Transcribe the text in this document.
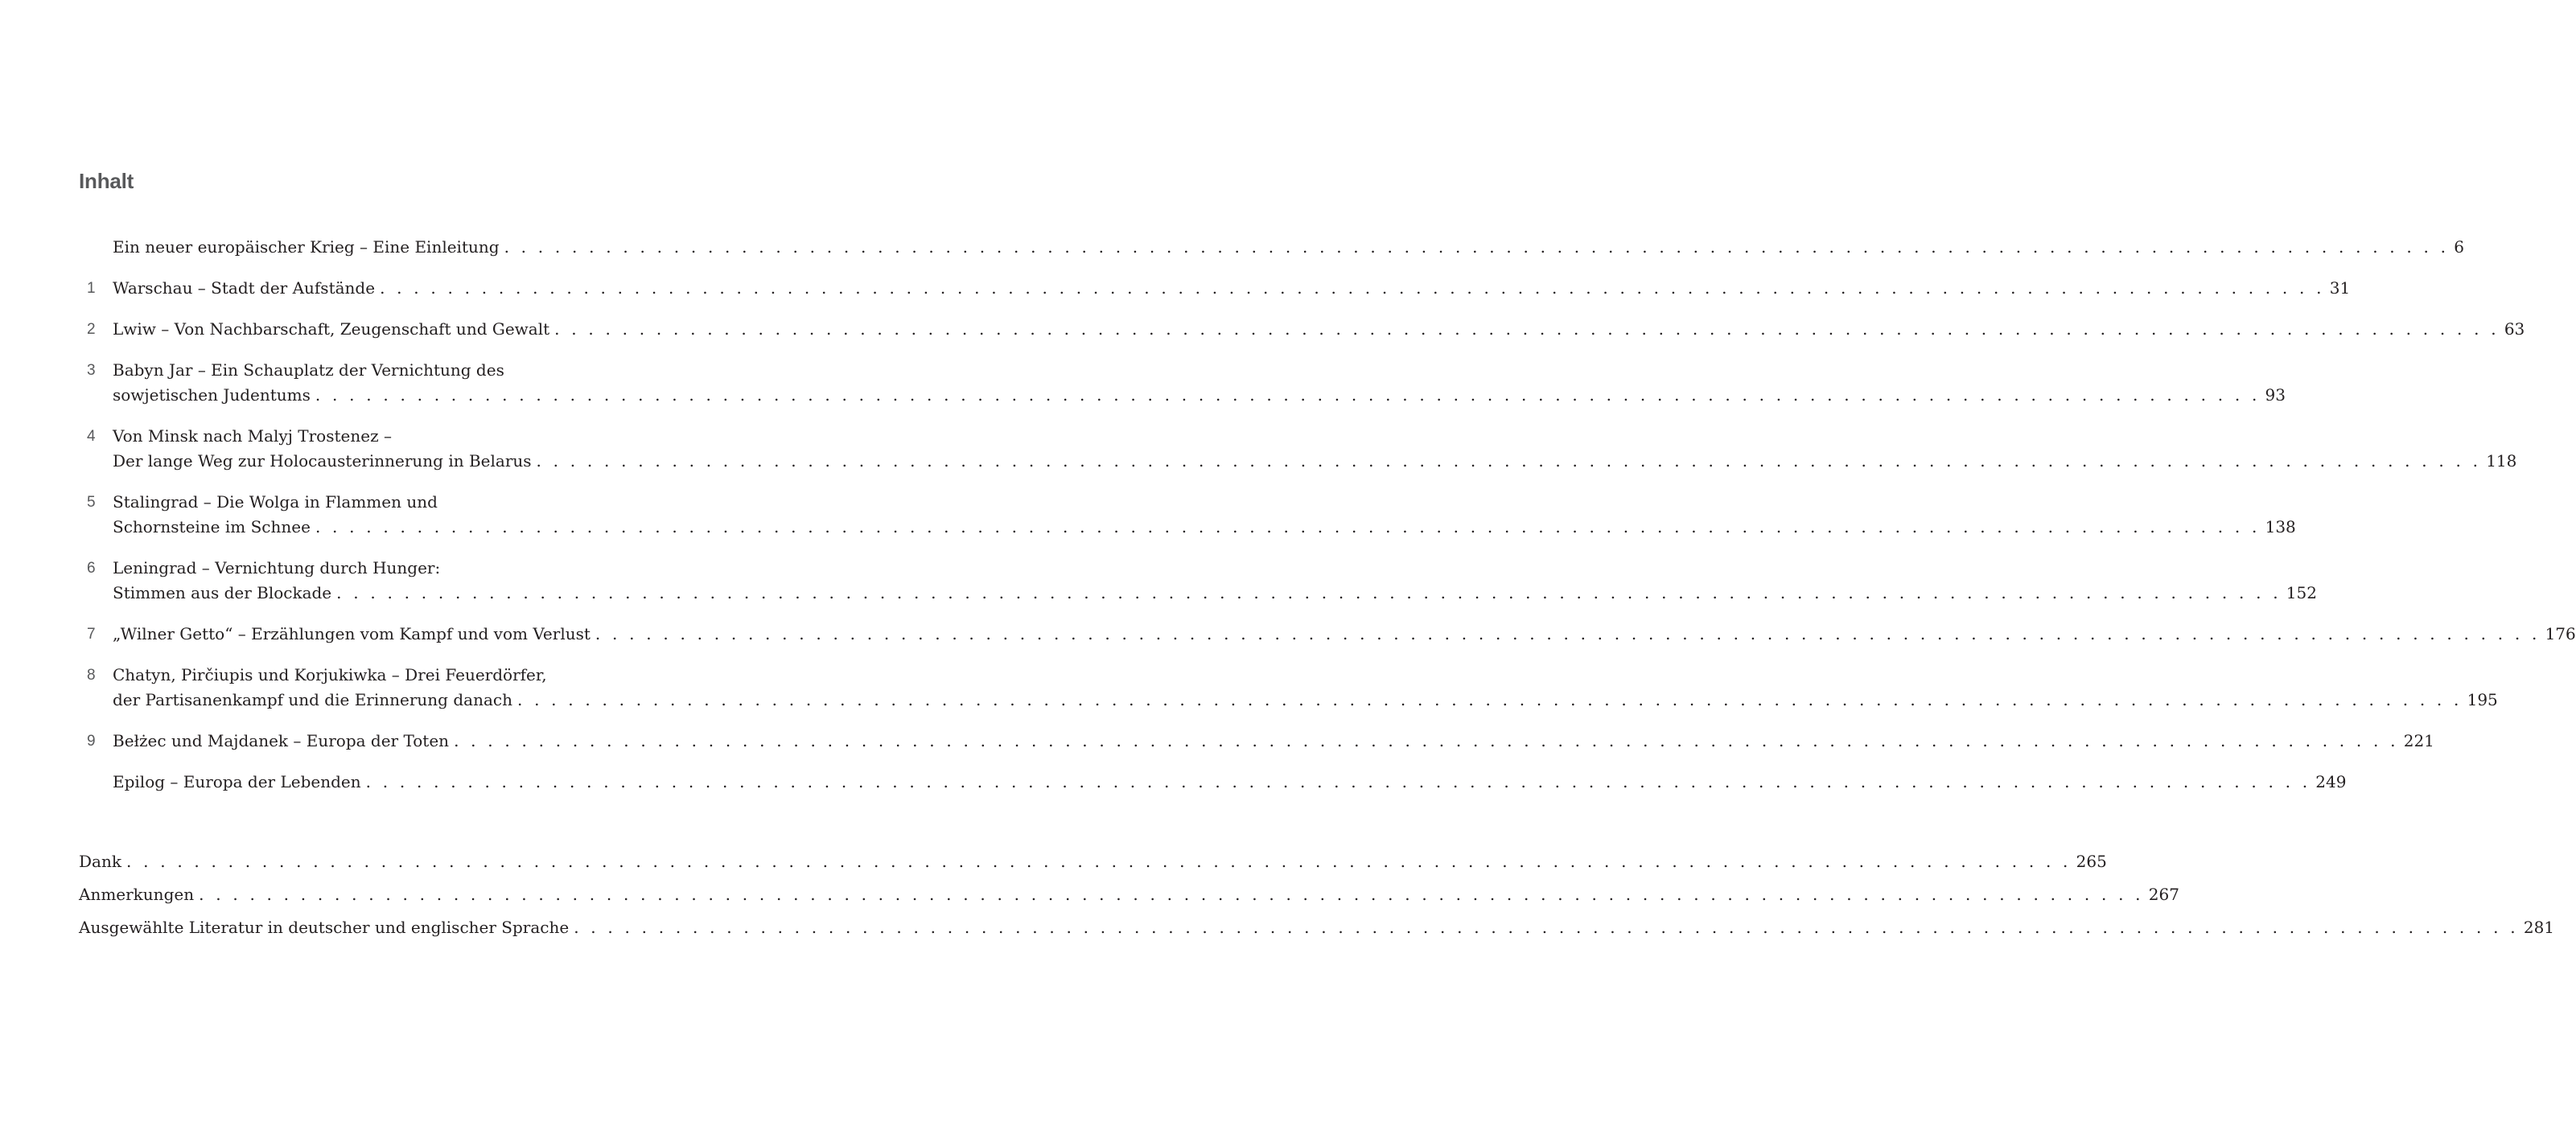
Inhalt
Ein neuer europäischer Krieg – Eine Einleitung . . . . . . . . . . . . . . . . . . . . . . . . . . . . . . . . . . . . . . . . . . . . . . . . . . . . . . . . . . . . . . . . . . . . . . . . . . . . . . . . . . . . . . . . . . . . . . . . . . . . . . . . . . . . . . . . . . . 6
1 Warschau – Stadt der Aufstände . . . . . . . . . . . . . . . . . . . . . . . . . . . . . . . . . . . . . . . . . . . . . . . . . . . . . . . . . . . . . . . . . . . . . . . . . . . . . . . . . . . . . . . . . . . . . . . . . . . . . . . . . . . . . . . . . . . 31
2 Lwiw – Von Nachbarschaft, Zeugenschaft und Gewalt . . . . . . . . . . . . . . . . . . . . . . . . . . . . . . . . . . . . . . . . . . . . . . . . . . . . . . . . . . . . . . . . . . . . . . . . . . . . . . . . . . . . . . . . . . . . . . . . . . . . . . . . . . . . . . . . . . . 63
3 Babyn Jar – Ein Schauplatz der Vernichtung des
sowjetischen Judentums . . . . . . . . . . . . . . . . . . . . . . . . . . . . . . . . . . . . . . . . . . . . . . . . . . . . . . . . . . . . . . . . . . . . . . . . . . . . . . . . . . . . . . . . . . . . . . . . . . . . . . . . . . . . . . . . . . . 93
4 Von Minsk nach Malyj Trostenez –
Der lange Weg zur Holocausterinnerung in Belarus . . . . . . . . . . . . . . . . . . . . . . . . . . . . . . . . . . . . . . . . . . . . . . . . . . . . . . . . . . . . . . . . . . . . . . . . . . . . . . . . . . . . . . . . . . . . . . . . . . . . . . . . . . . . . . . . . . . 118
5 Stalingrad – Die Wolga in Flammen und
Schornsteine im Schnee . . . . . . . . . . . . . . . . . . . . . . . . . . . . . . . . . . . . . . . . . . . . . . . . . . . . . . . . . . . . . . . . . . . . . . . . . . . . . . . . . . . . . . . . . . . . . . . . . . . . . . . . . . . . . . . . . . . 138
6 Leningrad – Vernichtung durch Hunger:
Stimmen aus der Blockade . . . . . . . . . . . . . . . . . . . . . . . . . . . . . . . . . . . . . . . . . . . . . . . . . . . . . . . . . . . . . . . . . . . . . . . . . . . . . . . . . . . . . . . . . . . . . . . . . . . . . . . . . . . . . . . . . . . 152
7 „Wilner Getto“ – Erzählungen vom Kampf und vom Verlust . . . . . . . . . . . . . . . . . . . . . . . . . . . . . . . . . . . . . . . . . . . . . . . . . . . . . . . . . . . . . . . . . . . . . . . . . . . . . . . . . . . . . . . . . . . . . . . . . . . . . . . . . . . . . . . . . . . 176
8 Chatyn, Pirčiupis und Korjukiwka – Drei Feuerdörfer,
der Partisanenkampf und die Erinnerung danach . . . . . . . . . . . . . . . . . . . . . . . . . . . . . . . . . . . . . . . . . . . . . . . . . . . . . . . . . . . . . . . . . . . . . . . . . . . . . . . . . . . . . . . . . . . . . . . . . . . . . . . . . . . . . . . . . . . 195
9 Bełżec und Majdanek – Europa der Toten . . . . . . . . . . . . . . . . . . . . . . . . . . . . . . . . . . . . . . . . . . . . . . . . . . . . . . . . . . . . . . . . . . . . . . . . . . . . . . . . . . . . . . . . . . . . . . . . . . . . . . . . . . . . . . . . . . . 221
Epilog – Europa der Lebenden . . . . . . . . . . . . . . . . . . . . . . . . . . . . . . . . . . . . . . . . . . . . . . . . . . . . . . . . . . . . . . . . . . . . . . . . . . . . . . . . . . . . . . . . . . . . . . . . . . . . . . . . . . . . . . . . . . . 249
Dank . . . . . . . . . . . . . . . . . . . . . . . . . . . . . . . . . . . . . . . . . . . . . . . . . . . . . . . . . . . . . . . . . . . . . . . . . . . . . . . . . . . . . . . . . . . . . . . . . . . . . . . . . . . . . . . . . . . 265
Anmerkungen . . . . . . . . . . . . . . . . . . . . . . . . . . . . . . . . . . . . . . . . . . . . . . . . . . . . . . . . . . . . . . . . . . . . . . . . . . . . . . . . . . . . . . . . . . . . . . . . . . . . . . . . . . . . . . . . . . . 267
Ausgewählte Literatur in deutscher und englischer Sprache . . . . . . . . . . . . . . . . . . . . . . . . . . . . . . . . . . . . . . . . . . . . . . . . . . . . . . . . . . . . . . . . . . . . . . . . . . . . . . . . . . . . . . . . . . . . . . . . . . . . . . . . . . . . . . . . . . . 281
